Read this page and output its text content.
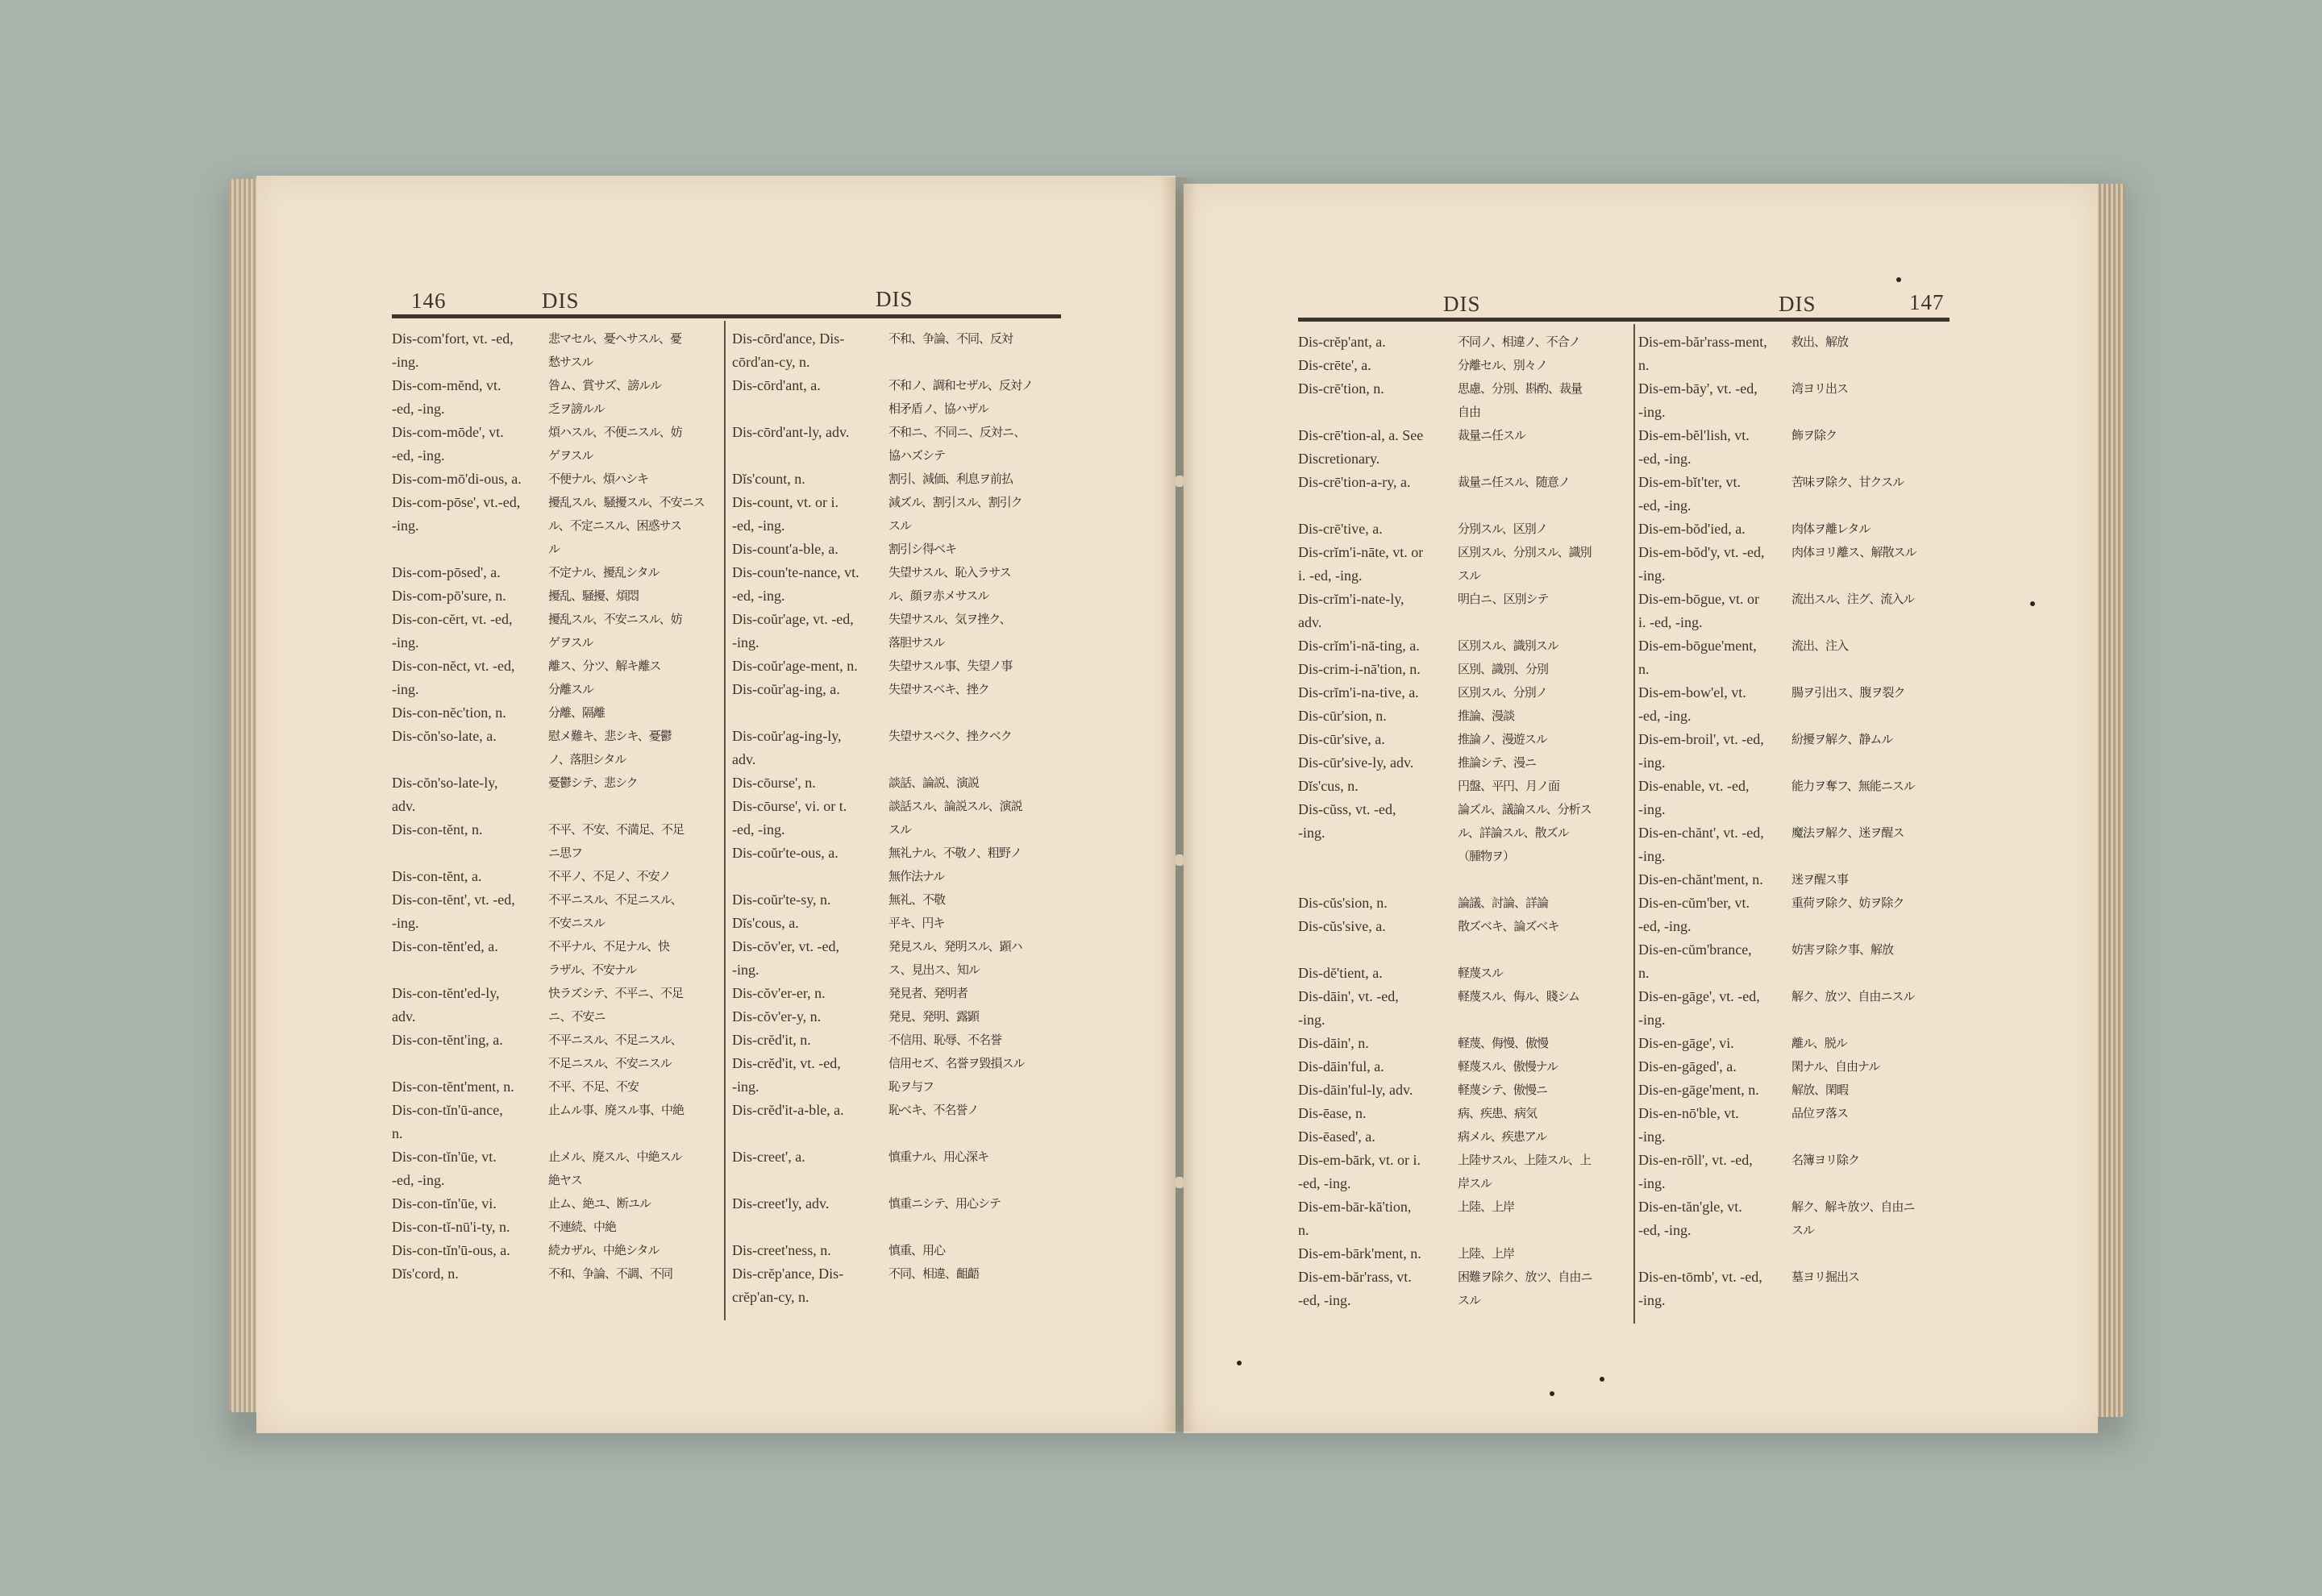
146	DIS	DIS	DIS	DIS	147
Dis-com'fort, vt. -ed,	悲マセル、憂ヘサスル、憂
-ing.	愁サスル
Dis-com-mĕnd, vt.	咎ム、賞サズ、謗ルル
-ed, -ing.	乏ヲ謗ルル
Dis-com-mōde', vt.	煩ハスル、不便ニスル、妨
-ed, -ing.	ゲヲスル
Dis-com-mō'di-ous, a. 不便ナル、煩ハシキ
Dis-com-pōse', vt.-ed, 擾乱スル、騒擾スル、不安ニス
-ing.	ル、不定ニスル、困惑サス
ル
Dis-com-pōsed', a.	不定ナル、擾乱シタル
Dis-com-pō'sure, n.	擾乱、騒擾、煩悶
Dis-con-cĕrt, vt. -ed,	擾乱スル、不安ニスル、妨
-ing.	ゲヲスル
Dis-con-nĕct, vt. -ed,	離ス、分ツ、解キ離ス
-ing.	分離スル
Dis-con-nĕc'tion, n.	分離、隔離
Dis-cŏn'so-late, a.	慰メ難キ、悲シキ、憂鬱
ノ、落胆シタル
Dis-cŏn'so-late-ly,	憂鬱シテ、悲シク
adv.
Dis-con-tĕnt, n.	不平、不安、不満足、不足
ニ思フ
Dis-con-tĕnt, a.	不平ノ、不足ノ、不安ノ
Dis-con-tĕnt', vt. -ed,	不平ニスル、不足ニスル、
-ing.	不安ニスル
Dis-con-tĕnt'ed, a.	不平ナル、不足ナル、快
ラザル、不安ナル
Dis-con-tĕnt'ed-ly,	快ラズシテ、不平ニ、不足
adv.	ニ、不安ニ
Dis-con-tĕnt'ing, a.	不平ニスル、不足ニスル、
不足ニスル、不安ニスル
Dis-con-tĕnt'ment, n.	不平、不足、不安
Dis-con-tĭn'ū-ance,	止ムル事、廃スル事、中絶
n.
Dis-con-tĭn'ūe, vt.	止メル、廃スル、中絶スル
-ed, -ing.	絶ヤス
Dis-con-tĭn'ūe, vi.	止ム、絶ユ、断ユル
Dis-con-tĭ-nū'i-ty, n.	不連続、中絶
Dis-con-tĭn'ū-ous, a.	続カザル、中絶シタル
Dĭs'cord, n.	不和、争論、不調、不同
Dis-cōrd'ance, Dis-	不和、争論、不同、反対
cōrd'an-cy, n.
Dis-cōrd'ant, a.	不和ノ、調和セザル、反対ノ
相矛盾ノ、協ハザル
Dis-cōrd'ant-ly, adv.	不和ニ、不同ニ、反対ニ、
協ハズシテ
Dĭs'count, n.	割引、減価、利息ヲ前払
Dis-count, vt. or i.	減ズル、割引スル、割引ク
-ed, -ing.	スル
Dis-count'a-ble, a.	割引シ得ベキ
Dis-coun'te-nance, vt. 失望サスル、恥入ラサス
-ed, -ing.	ル、顔ヲ赤メサスル
Dis-coŭr'age, vt. -ed,	失望サスル、気ヲ挫ク、
-ing.	落胆サスル
Dis-coŭr'age-ment, n.	失望サスル事、失望ノ事
Dis-coŭr'ag-ing, a.	失望サスベキ、挫ク
Dis-coŭr'ag-ing-ly,	失望サスベク、挫クベク
adv.
Dis-cōurse', n.	談話、論説、演説
Dis-cōurse', vi. or t.	談話スル、論説スル、演説
-ed, -ing.	スル
Dis-coŭr'te-ous, a.	無礼ナル、不敬ノ、粗野ノ
無作法ナル
Dis-coŭr'te-sy, n.	無礼、不敬
Dĭs'cous, a.	平キ、円キ
Dis-cŏv'er, vt. -ed,	発見スル、発明スル、顕ハ
-ing.	ス、見出ス、知ル
Dis-cŏv'er-er, n.	発見者、発明者
Dis-cŏv'er-y, n.	発見、発明、露顕
Dis-crĕd'it, n.	不信用、恥辱、不名誉
Dis-crĕd'it, vt. -ed,	信用セズ、名誉ヲ毀損スル
-ing.	恥ヲ与フ
Dis-crĕd'it-a-ble, a.	恥ベキ、不名誉ノ
Dis-creet', a.	慎重ナル、用心深キ
Dis-creet'ly, adv.	慎重ニシテ、用心シテ
Dis-creet'ness, n.	慎重、用心
Dis-crĕp'ance, Dis-	不同、相違、齟齬
crĕp'an-cy, n.
Dis-crĕp'ant, a.	不同ノ、相違ノ、不合ノ
Dis-crēte', a.	分離セル、別々ノ
Dis-crē'tion, n.	思慮、分別、斟酌、裁量
自由
Dis-crē'tion-al, a. See	裁量ニ任スル
Discretionary.
Dis-crē'tion-a-ry, a.	裁量ニ任スル、随意ノ
Dis-crē'tive, a.	分別スル、区別ノ
Dis-crĭm'i-nāte, vt. or	区別スル、分別スル、識別
i. -ed, -ing.	スル
Dis-crĭm'i-nate-ly,	明白ニ、区別シテ
adv.
Dis-crĭm'i-nā-ting, a.	区別スル、識別スル
Dis-crim-i-nā'tion, n.	区別、識別、分別
Dis-crĭm'i-na-tive, a.	区別スル、分別ノ
Dis-cūr'sion, n.	推論、漫談
Dis-cūr'sive, a.	推論ノ、漫遊スル
Dis-cūr'sive-ly, adv.	推論シテ、漫ニ
Dĭs'cus, n.	円盤、平円、月ノ面
Dis-cŭss, vt. -ed,	論ズル、議論スル、分析ス
-ing.	ル、詳論スル、散ズル
（腫物ヲ）
Dis-cŭs'sion, n.	論議、討論、詳論
Dis-cŭs'sive, a.	散ズベキ、論ズベキ
Dis-dĕ'tient, a.	軽蔑スル
Dis-dāin', vt. -ed,	軽蔑スル、侮ル、賤シム
-ing.
Dis-dāin', n.	軽蔑、侮慢、傲慢
Dis-dāin'ful, a.	軽蔑スル、傲慢ナル
Dis-dāin'ful-ly, adv.	軽蔑シテ、傲慢ニ
Dis-ēase, n.	病、疾患、病気
Dis-ēased', a.	病メル、疾患アル
Dis-em-bārk, vt. or i.	上陸サスル、上陸スル、上
-ed, -ing.	岸スル
Dis-em-bār-kā'tion,	上陸、上岸
n.
Dis-em-bārk'ment, n.	上陸、上岸
Dis-em-băr'rass, vt.	困難ヲ除ク、放ツ、自由ニ
-ed, -ing.	スル
Dis-em-băr'rass-ment, 救出、解放
n.
Dis-em-bāy', vt. -ed,	湾ヨリ出ス
-ing.
Dis-em-bĕl'lish, vt.	飾ヲ除ク
-ed, -ing.
Dis-em-bĭt'ter, vt.	苦味ヲ除ク、甘クスル
-ed, -ing.
Dis-em-bŏd'ied, a.	肉体ヲ離レタル
Dis-em-bŏd'y, vt. -ed, 肉体ヨリ離ス、解散スル
-ing.
Dis-em-bōgue, vt. or	流出スル、注グ、流入ル
i. -ed, -ing.
Dis-em-bōgue'ment,	流出、注入
n.
Dis-em-bow'el, vt.	腸ヲ引出ス、腹ヲ裂ク
-ed, -ing.
Dis-em-broil', vt. -ed, 紛擾ヲ解ク、静ムル
-ing.
Dis-enable, vt. -ed,	能力ヲ奪フ、無能ニスル
-ing.
Dis-en-chănt', vt. -ed, 魔法ヲ解ク、迷ヲ醒ス
-ing.
Dis-en-chănt'ment, n. 迷ヲ醒ス事
Dis-en-cŭm'ber, vt.	重荷ヲ除ク、妨ヲ除ク
-ed, -ing.
Dis-en-cŭm'brance,	妨害ヲ除ク事、解放
n.
Dis-en-gāge', vt. -ed,	解ク、放ツ、自由ニスル
-ing.
Dis-en-gāge', vi.	離ル、脱ル
Dis-en-gāged', a.	閑ナル、自由ナル
Dis-en-gāge'ment, n.	解放、閑暇
Dis-en-nō'ble, vt.	品位ヲ落ス
-ing.
Dis-en-rōll', vt. -ed,	名簿ヨリ除ク
-ing.
Dis-en-tăn'gle, vt.	解ク、解キ放ツ、自由ニ
-ed, -ing.	スル
Dis-en-tōmb', vt. -ed, 墓ヨリ掘出ス
-ing.
